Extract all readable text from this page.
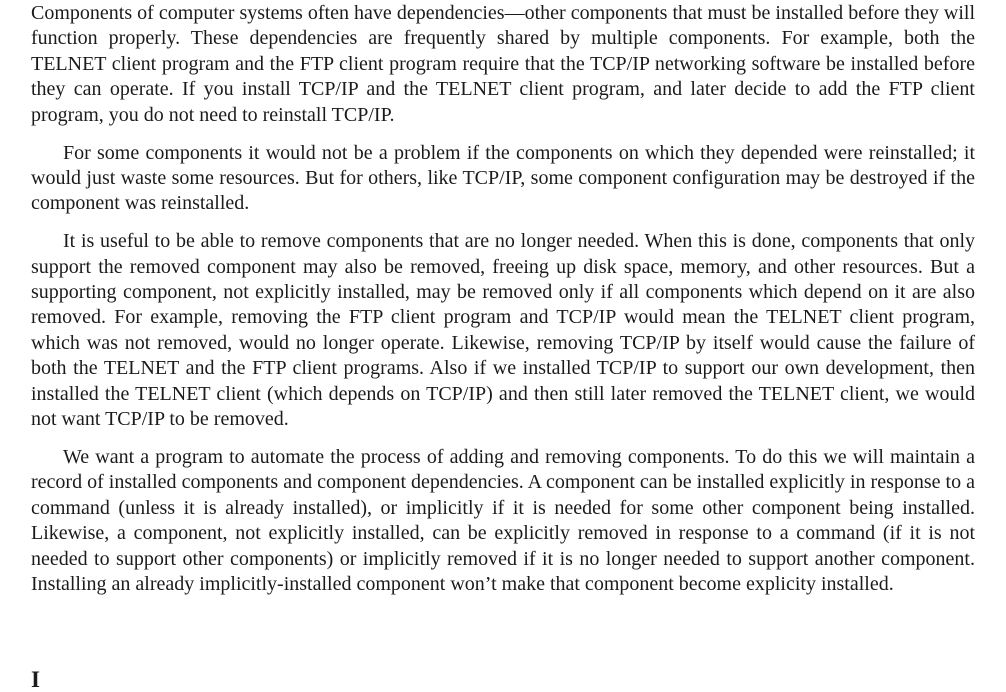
Components of computer systems often have dependencies—other components that must be installed before they will function properly. These dependencies are frequently shared by multiple components. For example, both the TELNET client program and the FTP client program require that the TCP/IP networking software be installed before they can operate. If you install TCP/IP and the TELNET client program, and later decide to add the FTP client program, you do not need to reinstall TCP/IP.

For some components it would not be a problem if the components on which they depended were reinstalled; it would just waste some resources. But for others, like TCP/IP, some component configuration may be destroyed if the component was reinstalled.

It is useful to be able to remove components that are no longer needed. When this is done, components that only support the removed component may also be removed, freeing up disk space, memory, and other resources. But a supporting component, not explicitly installed, may be removed only if all components which depend on it are also removed. For example, removing the FTP client program and TCP/IP would mean the TELNET client program, which was not removed, would no longer operate. Likewise, removing TCP/IP by itself would cause the failure of both the TELNET and the FTP client programs. Also if we installed TCP/IP to support our own development, then installed the TELNET client (which depends on TCP/IP) and then still later removed the TELNET client, we would not want TCP/IP to be removed.

We want a program to automate the process of adding and removing components. To do this we will maintain a record of installed components and component dependencies. A component can be installed explicitly in response to a command (unless it is already installed), or implicitly if it is needed for some other component being installed. Likewise, a component, not explicitly installed, can be explicitly removed in response to a command (if it is not needed to support other components) or implicitly removed if it is no longer needed to support another component. Installing an already implicitly-installed component won’t make that component become explicity installed.

I
